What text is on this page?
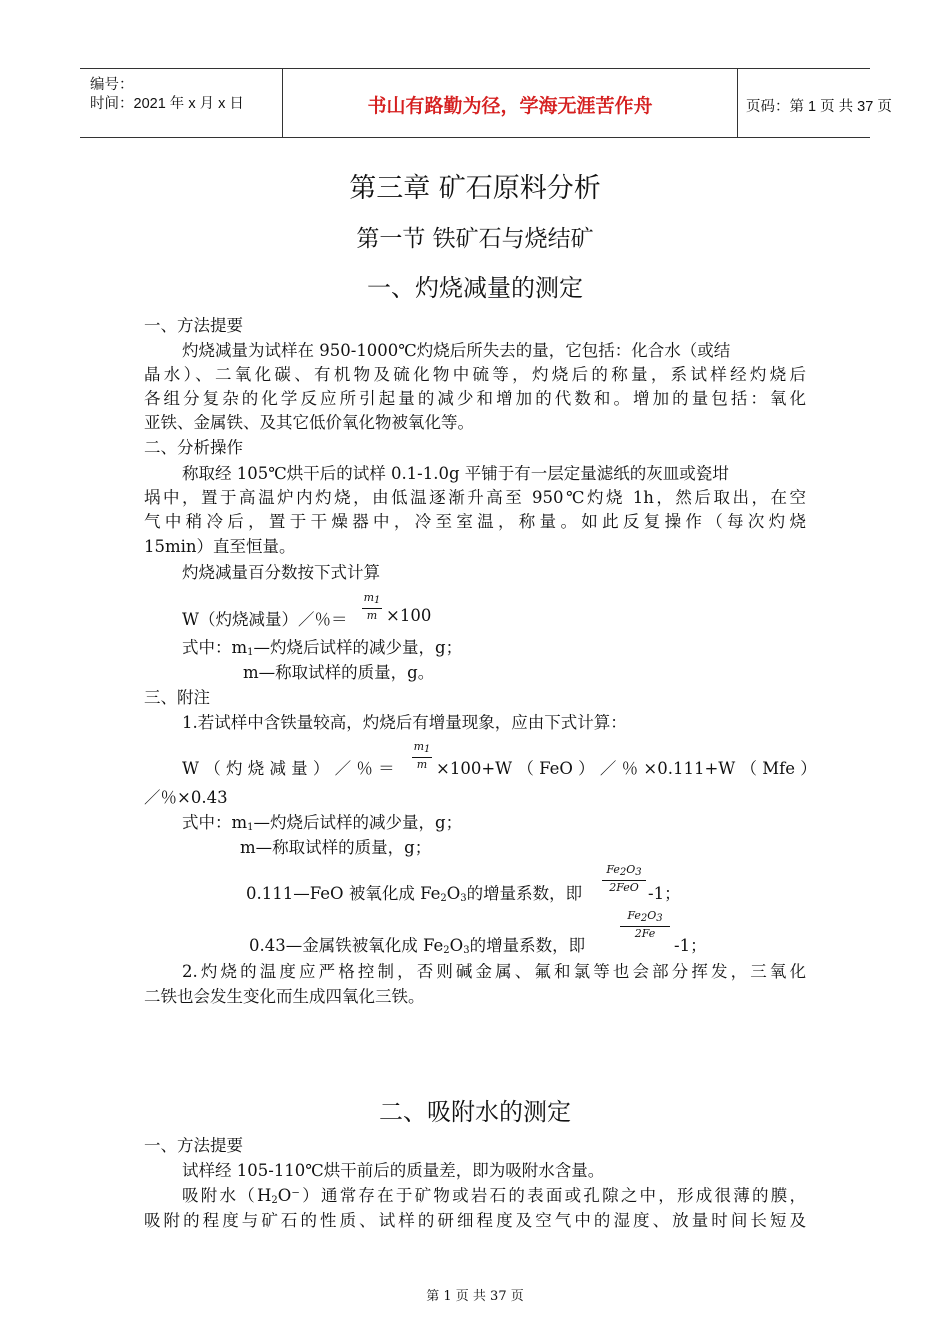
编号：
时间：2021 年 x 月 x 日	书山有路勤为径，学海无涯苦作舟	页码：第 1 页 共 37 页
第三章 矿石原料分析
第一节 铁矿石与烧结矿
一、灼烧减量的测定
一、方法提要
灼烧减量为试样在 950-1000℃灼烧后所失去的量，它包括：化合水（或结
晶水）、二氧化碳、有机物及硫化物中硫等，灼烧后的称量，系试样经灼烧后
各组分复杂的化学反应所引起量的减少和增加的代数和。增加的量包括：氧化
亚铁、金属铁、及其它低价氧化物被氧化等。
二、分析操作
称取经 105℃烘干后的试样 0.1-1.0g 平铺于有一层定量滤纸的灰皿或瓷坩
埚中，置于高温炉内灼烧，由低温逐渐升高至 950℃灼烧 1h，然后取出，在空
气中稍冷后，置于干燥器中，冷至室温，称量。如此反复操作（每次灼烧
15min）直至恒量。
灼烧减量百分数按下式计算
W（灼烧减量）／％＝
$m_1$
m ×100
式中：$m_1—$灼烧后试样的减少量，g；
m—称取试样的质量，g。
三、附注
1.若试样中含铁量较高，灼烧后有增量现象，应由下式计算：
W （ 灼 烧 减 量 ） ／ ％ ＝
$m_1$
m ×100+W （ FeO ） ／ ％ ×0.111+W （ Mfe ）
／％×0.43
式中：$m_1—$灼烧后试样的减少量，g；
m—称取试样的质量，g；
0.111—FeO 被氧化成 $Fe_2O_3$的增量系数，即
$Fe_2O_3$
2FeO -1；
0.43—金属铁被氧化成 $Fe_2O_3$的增量系数，即
$Fe_2O_3$
2Fe
-1；
2.灼烧的温度应严格控制，否则碱金属、氟和氯等也会部分挥发，三氧化
二铁也会发生变化而生成四氧化三铁。
二、吸附水的测定
一、方法提要
试样经 105-110℃烘干前后的质量差，即为吸附水含量。
吸附水$(H_2O^-)$通常存在于矿物或岩石的表面或孔隙之中，形成很薄的膜，
吸附的程度与矿石的性质、试样的研细程度及空气中的湿度、放量时间长短及
第 1 页 共 37 页
